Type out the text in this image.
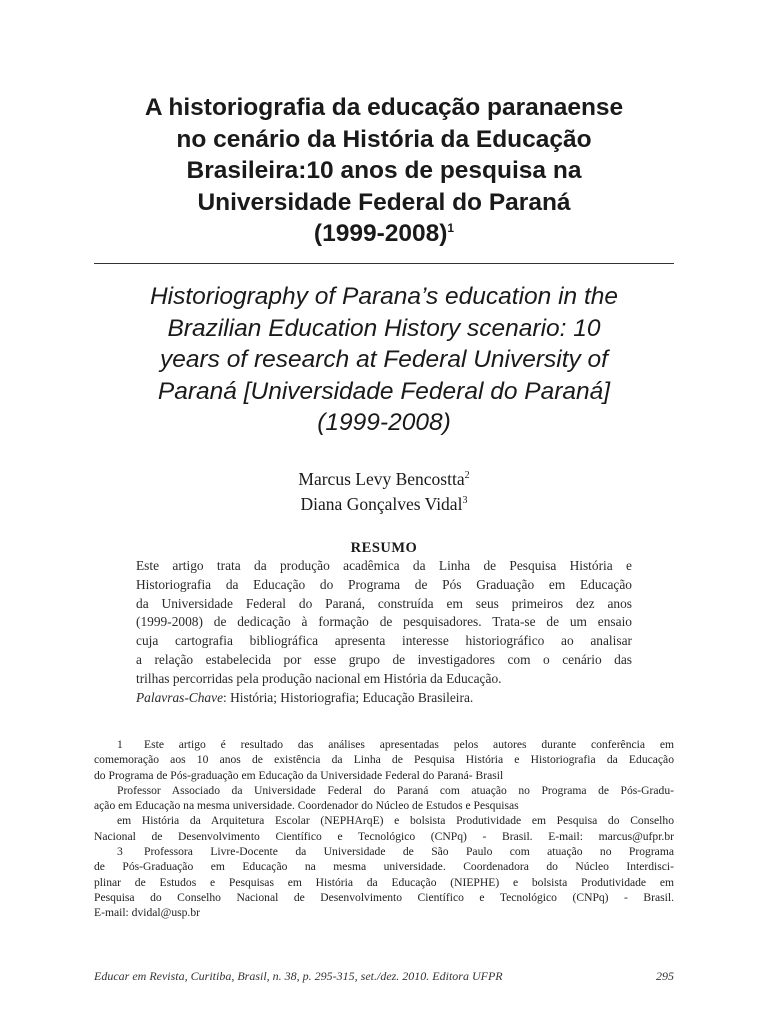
A historiografia da educação paranaense
no cenário da História da Educação
Brasileira:10 anos de pesquisa na
Universidade Federal do Paraná
(1999-2008)$^1$
Historiography of Parana’s education in the
Brazilian Education History scenario: 10
years of research at Federal University of
Paraná [Universidade Federal do Paraná]
(1999-2008)
Marcus Levy Bencostta$^2$
Diana Gonçalves Vidal$^3$
RESUMO
Este artigo trata da produção acadêmica da Linha de Pesquisa História e
Historiografia da Educação do Programa de Pós Graduação em Educação
da Universidade Federal do Paraná, construída em seus primeiros dez anos
(1999-2008) de dedicação à formação de pesquisadores. Trata-se de um ensaio
cuja cartografia bibliográfica apresenta interesse historiográfico ao analisar
a relação estabelecida por esse grupo de investigadores com o cenário das
trilhas percorridas pela produção nacional em História da Educação.
Palavras-Chave: História; Historiografia; Educação Brasileira.
1 Este artigo é resultado das análises apresentadas pelos autores durante conferência em
comemoração aos 10 anos de existência da Linha de Pesquisa História e Historiografia da Educação
do Programa de Pós-graduação em Educação da Universidade Federal do Paraná- Brasil
Professor Associado da Universidade Federal do Paraná com atuação no Programa de Pós-Gradu-
ação em Educação na mesma universidade. Coordenador do Núcleo de Estudos e Pesquisas
em História da Arquitetura Escolar (NEPHArqE) e bolsista Produtividade em Pesquisa do Conselho
Nacional de Desenvolvimento Científico e Tecnológico (CNPq) - Brasil. E-mail: marcus@ufpr.br
3 Professora Livre-Docente da Universidade de São Paulo com atuação no Programa
de Pós-Graduação em Educação na mesma universidade. Coordenadora do Núcleo Interdisci-
plinar de Estudos e Pesquisas em História da Educação (NIEPHE) e bolsista Produtividade em
Pesquisa do Conselho Nacional de Desenvolvimento Científico e Tecnológico (CNPq) - Brasil.
E-mail: dvidal@usp.br
Educar em Revista, Curitiba, Brasil, n. 38, p. 295-315, set./dez. 2010. Editora UFPR	295
